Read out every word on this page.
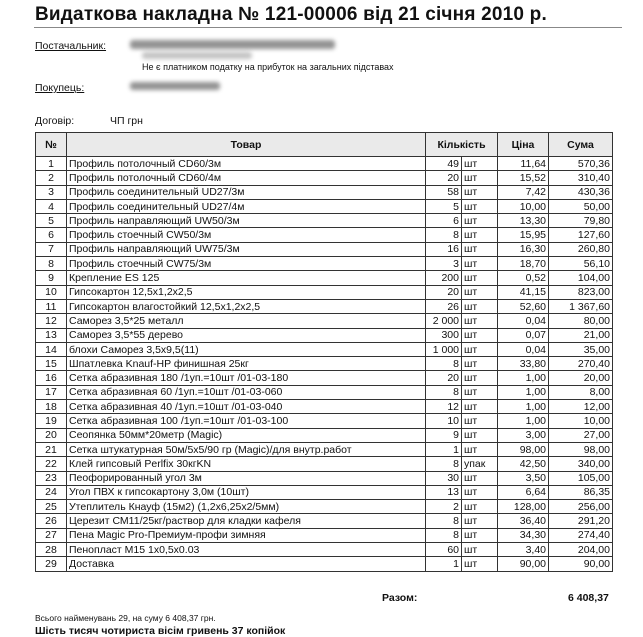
Видаткова накладна № 121-00006 від 21 січня 2010 р.
Постачальник:
Не є платником податку на прибуток на загальних підставах
Покупець:
Договір:	ЧП грн
№	Товар	Кількість		Ціна	Сума
1	Профиль потолочный CD60/3м	49	шт	11,64	570,36
2	Профиль потолочный CD60/4м	20	шт	15,52	310,40
3	Профиль соединительный UD27/3м	58	шт	7,42	430,36
4	Профиль соединительный UD27/4м	5	шт	10,00	50,00
5	Профиль направляющий UW50/3м	6	шт	13,30	79,80
6	Профиль стоечный CW50/3м	8	шт	15,95	127,60
7	Профиль направляющий UW75/3м	16	шт	16,30	260,80
8	Профиль стоечный CW75/3м	3	шт	18,70	56,10
9	Крепление ES 125	200	шт	0,52	104,00
10	Гипсокартон 12,5х1,2х2,5	20	шт	41,15	823,00
11	Гипсокартон влагостойкий 12,5х1,2х2,5	26	шт	52,60	1 367,60
12	Саморез 3,5*25 металл	2 000	шт	0,04	80,00
13	Саморез 3,5*55 дерево	300	шт	0,07	21,00
14	блохи Саморез 3,5х9,5(11)	1 000	шт	0,04	35,00
15	Шпатлевка Knauf-HP финишная 25кг	8	шт	33,80	270,40
16	Сетка абразивная 180 /1уп.=10шт /01-03-180	20	шт	1,00	20,00
17	Сетка абразивная 60 /1уп.=10шт /01-03-060	8	шт	1,00	8,00
18	Сетка абразивная 40 /1уп.=10шт /01-03-040	12	шт	1,00	12,00
19	Сетка абразивная 100 /1уп.=10шт /01-03-100	10	шт	1,00	10,00
20	Сеопянка 50мм*20метр (Magic)	9	шт	3,00	27,00
21	Сетка штукатурная 50м/5х5/90 гр (Magic)/для внутр.работ	1	шт	98,00	98,00
22	Клей гипсовый Perlfix 30кгKN	8	упак	42,50	340,00
23	Пеофорированный угол 3м	30	шт	3,50	105,00
24	Угол ПВХ к гипсокартону 3,0м (10шт)	13	шт	6,64	86,35
25	Утеплитель Кнауф (15м2) (1,2х6,25х2/5мм)	2	шт	128,00	256,00
26	Церезит СМ11/25кг/раствор для кладки кафеля	8	шт	36,40	291,20
27	Пена Magic Pro-Премиум-профи зимняя	8	шт	34,30	274,40
28	Пенопласт М15 1х0,5х0.03	60	шт	3,40	204,00
29	Доставка	1	шт	90,00	90,00
Разом:	6 408,37
Всього найменувань 29, на суму 6 408,37 грн.
Шість тисяч чотириста вісім гривень 37 копійок
